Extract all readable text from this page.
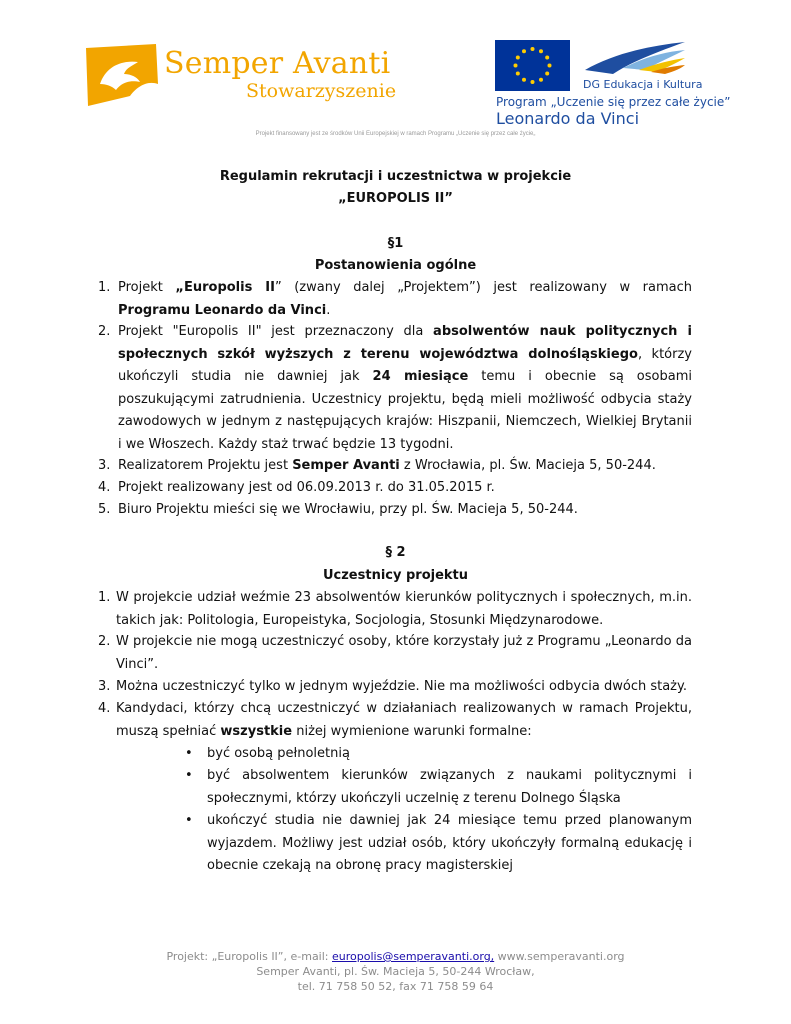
Semper Avanti
Stowarzyszenie	DG Edukacja i Kultura
Program „Uczenie się przez całe życie”
Leonardo da Vinci
Projekt finansowany jest ze środków Unii Europejskiej w ramach Programu „Uczenie się przez całe życie„
Regulamin rekrutacji i uczestnictwa w projekcie
„EUROPOLIS II”
§1
Postanowienia ogólne
1. Projekt „Europolis II” (zwany dalej „Projektem”) jest realizowany w ramach Programu Leonardo da Vinci.
2. Projekt "Europolis II" jest przeznaczony dla absolwentów nauk politycznych i społecznych szkół wyższych z terenu województwa dolnośląskiego, którzy ukończyli studia nie dawniej jak 24 miesiące temu i obecnie są osobami poszukującymi zatrudnienia. Uczestnicy projektu, będą mieli możliwość odbycia staży zawodowych w jednym z następujących krajów: Hiszpanii, Niemczech, Wielkiej Brytanii i we Włoszech. Każdy staż trwać będzie 13 tygodni.
3. Realizatorem Projektu jest Semper Avanti z Wrocławia, pl. Św. Macieja 5, 50-244.
4. Projekt realizowany jest od 06.09.2013 r. do 31.05.2015 r.
5. Biuro Projektu mieści się we Wrocławiu, przy pl. Św. Macieja 5, 50-244.
§ 2
Uczestnicy projektu
1. W projekcie udział weźmie 23 absolwentów kierunków politycznych i społecznych, m.in. takich jak: Politologia, Europeistyka, Socjologia, Stosunki Międzynarodowe.
2. W projekcie nie mogą uczestniczyć osoby, które korzystały już z Programu „Leonardo da Vinci”.
3. Można uczestniczyć tylko w jednym wyjeździe. Nie ma możliwości odbycia dwóch staży.
4. Kandydaci, którzy chcą uczestniczyć w działaniach realizowanych w ramach Projektu, muszą spełniać wszystkie niżej wymienione warunki formalne:
• być osobą pełnoletnią
• być absolwentem kierunków związanych z naukami politycznymi i społecznymi, którzy ukończyli uczelnię z terenu Dolnego Śląska
• ukończyć studia nie dawniej jak 24 miesiące temu przed planowanym wyjazdem. Możliwy jest udział osób, który ukończyły formalną edukację i obecnie czekają na obronę pracy magisterskiej
Projekt: „Europolis II”, e-mail: europolis@semperavanti.org, www.semperavanti.org
Semper Avanti, pl. Św. Macieja 5, 50-244 Wrocław,
tel. 71 758 50 52, fax 71 758 59 64
